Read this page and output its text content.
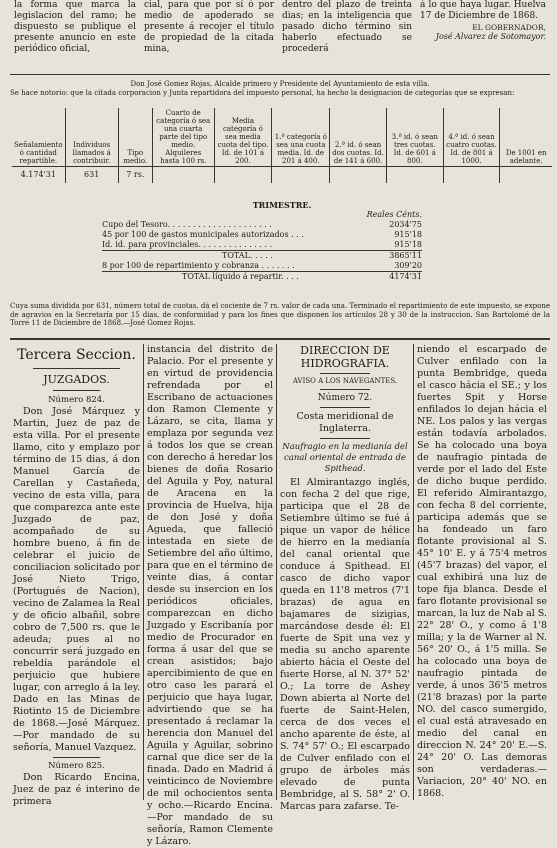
la forma que marca la legislacion del ramo; he dispuesto se publique el presente anuncio en este periódico oficial,
cial, para que por sí ó por medio de apoderado se presente á recojer el título de propiedad de la citada mina,
dentro del plazo de treinta dias; en la inteligencia que pasado dicho término sin haberlo efectuado se procederá
á lo que haya lugar. Huelva 17 de Diciembre de 1868.
EL GOBERNADOR,
José Alvarez de Sotomayor.
Don José Gomez Rojas, Alcalde primero y Presidente del Ayuntamiento de esta villa.
Se hace notorio: que la citada corporacion y Junta repartidora del impuesto personal, ha hecho la designacion de categorías que se expresan:
Señalamiento ó cantidad repartible.	Individuos llamados á contribuir.	Tipo medio.	Cuarto de categoría ó sea una cuarta parte del tipo medio. Alquileres hasta 100 rs.	Media categoría ó sea media cuota del tipo. Id. de 101 á 200.	1.ª categoría ó sea una cuota media. Id. de 201 á 400.	2.ª id. ó sean dos cuotas. Id. de 141 á 600.	3.ª id. ó sean tres cuotas. Id. de 601 á 800.	4.ª id. ó sean cuatro cuotas. Id. de 801 á 1000.	De 1001 en adelante.
4.174'31	631	7 rs.							
TRIMESTRE.
Reales Cénts.
Cupo del Tesoro. . . . . . . . . . . . . . . . . . . . .	2034'75
45 por 100 de gastos municipales autorizados . . .	915'18
Id. id. para provinciales. . . . . . . . . . . . . . .	915'18
TOTAL. . . . .	3865'11
8 por 100 de repartimiento y cobranza . . . . . . .	309'20
TOTAL líquido á repartir. . . .	4174'31
Cuya suma dividida por 631, número total de cuotas, dá el cociente de 7 rs. valor de cada una. Terminado el repartimiento de este impuesto, se expone de agravios en la Secretaría por 15 dias, de conformidad y para los fines que disponen los artículos 28 y 30 de la instruccion. San Bartolomé de la Torre 11 de Diciembre de 1868.—José Gomez Rojas.
Tercera Seccion.
JUZGADOS.
Número 824.

Don José Márquez y Martin, Juez de paz de esta villa. Por el presente llamo, cito y emplazo por término de 15 dias, á don Manuel García de Carellan y Castañeda, vecino de esta villa, para que comparezca ante este Juzgado de paz, acompañado de su hombre bueno, á fin de celebrar el juicio de conciliacion solicitado por José Nieto Trigo, (Portugués de Nacion), vecino de Zalamea la Real y de oficio albañil, sobre cobro de 7,500 rs. que le adeuda; pues al no concurrir será juzgado en rebeldía parándole el perjuicio que hubiere lugar, con arreglo á la ley. Dado en las Minas de Riotinto 15 de Diciembre de 1868.—José Márquez.—Por mandado de su señoría, Manuel Vazquez.

Número 825.

Don Ricardo Encina, Juez de paz é interino de primera

instancia del distrito de Palacio. Por el presente y en virtud de providencia refrendada por el Escribano de actuaciones don Ramon Clemente y Lázaro, se cita, llama y emplaza por segunda vez á todos los que se crean con derecho á heredar los bienes de doña Rosario del Aguila y Poy, natural de Aracena en la provincia de Huelva, hija de don José y doña Agueda, que falleció intestada en siete de Setiembre del año último, para que en el término de veinte dias, á contar desde su insercion en los periódicos oficiales, comparezcan en dicho Juzgado y Escribanía por medio de Procurador en forma á usar del que se crean asistidos; bajo apercibimiento de que en otro caso les parará el perjuicio que haya lugar, advirtiendo que se ha presentado á reclamar la herencia don Manuel del Aguila y Aguilar, sobrino carnal que dice ser de la finada. Dado en Madrid á veinticinco de Noviembre de mil ochocientos senta y ocho.—Ricardo Encina.—Por mandado de su señoría, Ramon Clemente y Lázaro.

DIRECCION DE HIDROGRAFIA.
AVISO A LOS NAVEGANTES.
Número 72.
Costa meridional de Inglaterra.
Naufragio en la medianía del canal oriental de entrada de Spithead.

El Almirantazgo inglés, con fecha 2 del que rige, participa que el 28 de Setiembre último se fué á pique un vapor de hélice de hierro en la medianía del canal oriental que conduce á Spithead. El casco de dicho vapor queda en 11'8 metros (7'1 brazas) de agua en bajamares de sizigias, marcándose desde él: El fuerte de Spit una vez y media su ancho aparente abierto hácia el Oeste del fuerte Horse, al N. 37° 52' O.; La torre de Ashey Down abierta al Norte del fuerte de Saint-Helen, cerca de dos veces el ancho aparente de éste, al S. 74° 57' O.; El escarpado de Culver enfilado con el grupo de árboles más elevado de punta Bembridge, al S. 58° 2' O. Marcas para zafarse. Te-

niendo el escarpado de Culver enfilado con la punta Bembridge, queda el casco hácia el SE.; y los fuertes Spit y Horse enfilados lo dejan hácia el NE. Los palos y las vergas están todavía arbolados. Se ha colocado una boya de naufragio pintada de verde por el lado del Este de dicho buque perdido. El referido Almirantazgo, con fecha 8 del corriente, participa además que se ha fondeado un faro flotante provisional al S. 45° 10' E. y á 75'4 metros (45'7 brazas) del vapor, el cual exhibirá una luz de tope fija blanca. Desde el faro flotante provisional se marcan, la luz de Nab al S. 22° 28' O., y como á 1'8 milla; y la de Warner al N. 56° 20' O., á 1'5 milla. Se ha colocado una boya de naufragio pintada de verde, á unos 36'5 metros (21'8 brazas) por la parte NO. del casco sumergido, el cual está atravesado en medio del canal en direccion N. 24° 20' E.—S. 24° 20' O. Las demoras son verdaderas.—Variacion, 20° 40' NO. en 1868.
